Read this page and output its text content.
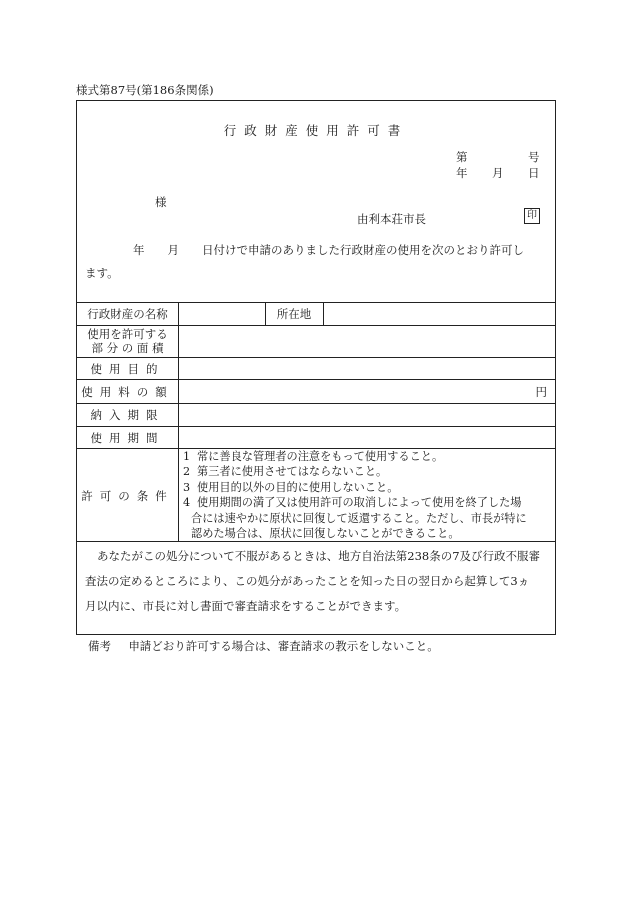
様式第87号(第186条関係)
行政財産使用許可書
第	号
年 月 日
様
由利本荘市長	印
年　　月　　日付けで申請のありました行政財産の使用を次のとおり許可し
ます。
行政財産の名称	所在地
使用を許可する
部 分 の 面 積
使用目的
使用料の額	円
納入期限
使用期間
許可の条件
1 常に善良な管理者の注意をもって使用すること。
2 第三者に使用させてはならないこと。
3 使用目的以外の目的に使用しないこと。
4 使用期間の満了又は使用許可の取消しによって使用を終了した場
合には速やかに原状に回復して返還すること。ただし、市長が特に
認めた場合は、原状に回復しないことができること。
あなたがこの処分について不服があるときは、地方自治法第238条の7及び行政不服審
査法の定めるところにより、この処分があったことを知った日の翌日から起算して3ヵ
月以内に、市長に対し書面で審査請求をすることができます。
備考 申請どおり許可する場合は、審査請求の教示をしないこと。
